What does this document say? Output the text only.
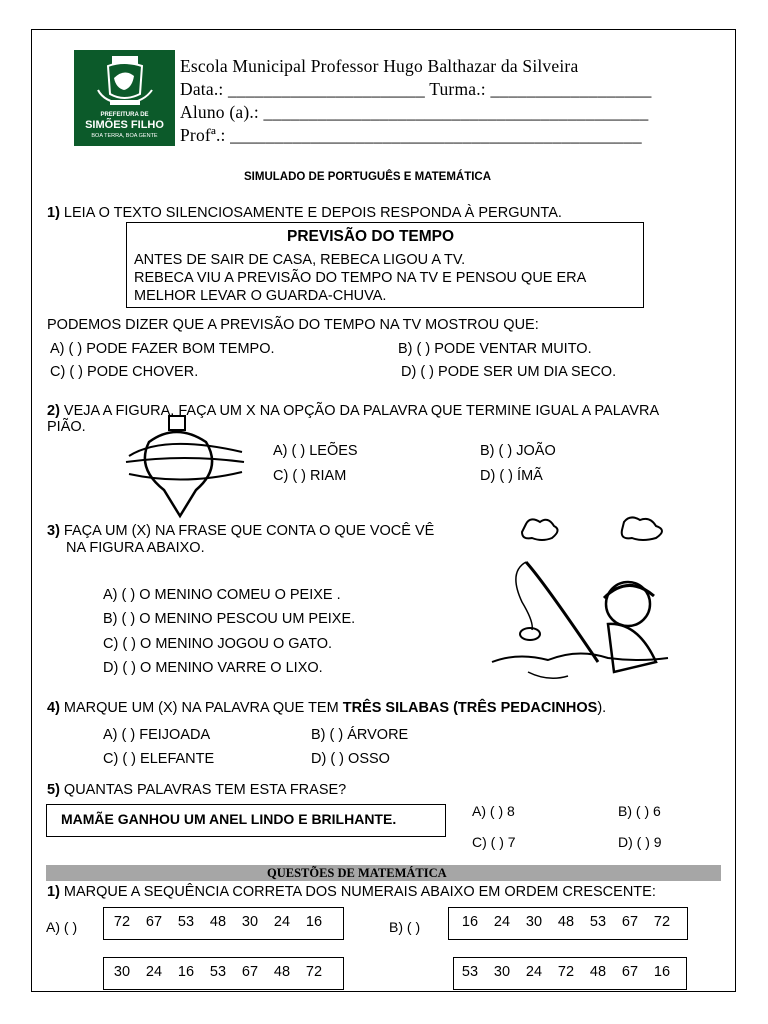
PREFEITURA DE
SIMÕES FILHO
BOA TERRA, BOA GENTE
Escola Municipal Professor Hugo Balthazar da Silveira
Data.: ______________________ Turma.: __________________
Aluno (a).: ___________________________________________
Profª.: ______________________________________________
SIMULADO DE PORTUGUÊS E MATEMÁTICA
1) LEIA O TEXTO SILENCIOSAMENTE E DEPOIS RESPONDA À PERGUNTA.
PREVISÃO DO TEMPO
ANTES DE SAIR DE CASA, REBECA LIGOU A TV.
REBECA VIU A PREVISÃO DO TEMPO NA TV E PENSOU QUE ERA
MELHOR LEVAR O GUARDA-CHUVA.
PODEMOS DIZER QUE A PREVISÃO DO TEMPO NA TV MOSTROU QUE:
A) ( ) PODE FAZER BOM TEMPO.	B) ( ) PODE VENTAR MUITO.
C) ( ) PODE CHOVER.	D) ( ) PODE SER UM DIA SECO.
2) VEJA A FIGURA, FAÇA UM X NA OPÇÃO DA PALAVRA QUE TERMINE IGUAL A PALAVRA
PIÃO.
A) ( ) LEÕES	B) ( ) JOÃO
C) ( ) RIAM	D) ( ) ÍMÃ
3) FAÇA UM (X) NA FRASE QUE CONTA O QUE VOCÊ VÊ
NA FIGURA ABAIXO.
A) ( ) O MENINO COMEU O PEIXE .
B) ( ) O MENINO PESCOU UM PEIXE.
C) ( ) O MENINO JOGOU O GATO.
D) ( ) O MENINO VARRE O LIXO.
4) MARQUE UM (X) NA PALAVRA QUE TEM TRÊS SILABAS (TRÊS PEDACINHOS).
A) ( ) FEIJOADA	B) ( ) ÁRVORE
C) ( ) ELEFANTE	D) ( ) OSSO
5) QUANTAS PALAVRAS TEM ESTA FRASE?
MAMÃE GANHOU UM ANEL LINDO E BRILHANTE.	A) ( ) 8	B) ( ) 6
C) ( ) 7	D) ( ) 9
QUESTÕES DE MATEMÁTICA
1) MARQUE A SEQUÊNCIA CORRETA DOS NUMERAIS ABAIXO EM ORDEM CRESCENTE:
A) ( )	72 67 53 48 30 24 16	B) ( )	16 24 30 48 53 67 72
30 24 16 53 67 48 72	53 30 24 72 48 67 16
